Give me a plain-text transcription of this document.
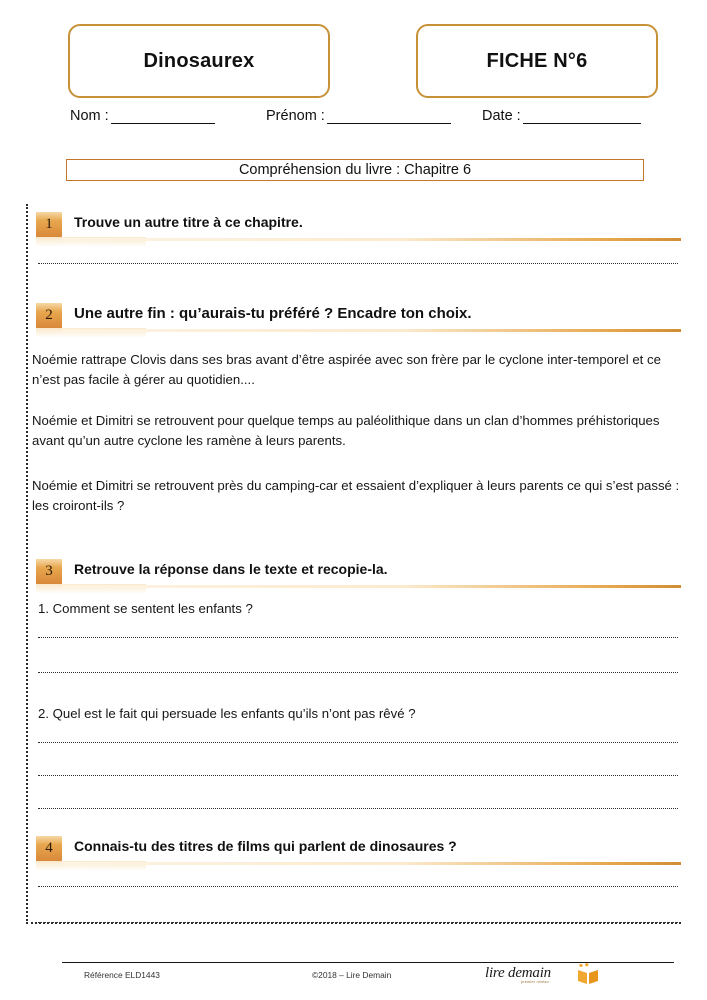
Dinosaurex	FICHE N°6
Nom :	Prénom :	Date :
Compréhension du livre : Chapitre 6
1	Trouve un autre titre à ce chapitre.
2	Une autre fin : qu’aurais-tu préféré ? Encadre ton choix.
Noémie rattrape Clovis dans ses bras avant d’être aspirée avec son frère par le cyclone inter-temporel et ce n’est pas facile à gérer au quotidien....
Noémie et Dimitri se retrouvent pour quelque temps au paléolithique dans un clan d’hommes préhistoriques avant qu’un autre cyclone les ramène à leurs parents.
Noémie et Dimitri se retrouvent près du camping-car et essaient d’expliquer à leurs parents ce qui s’est passé : les croiront-ils ?
3	Retrouve la réponse dans le texte et recopie-la.
1. Comment se sentent les enfants ?
2. Quel est le fait qui persuade les enfants qu’ils n’ont pas rêvé ?
4	Connais-tu des titres de films qui parlent de dinosaures ?
Référence ELD1443	©2018 – Lire Demain	lire demain
premier niveau
